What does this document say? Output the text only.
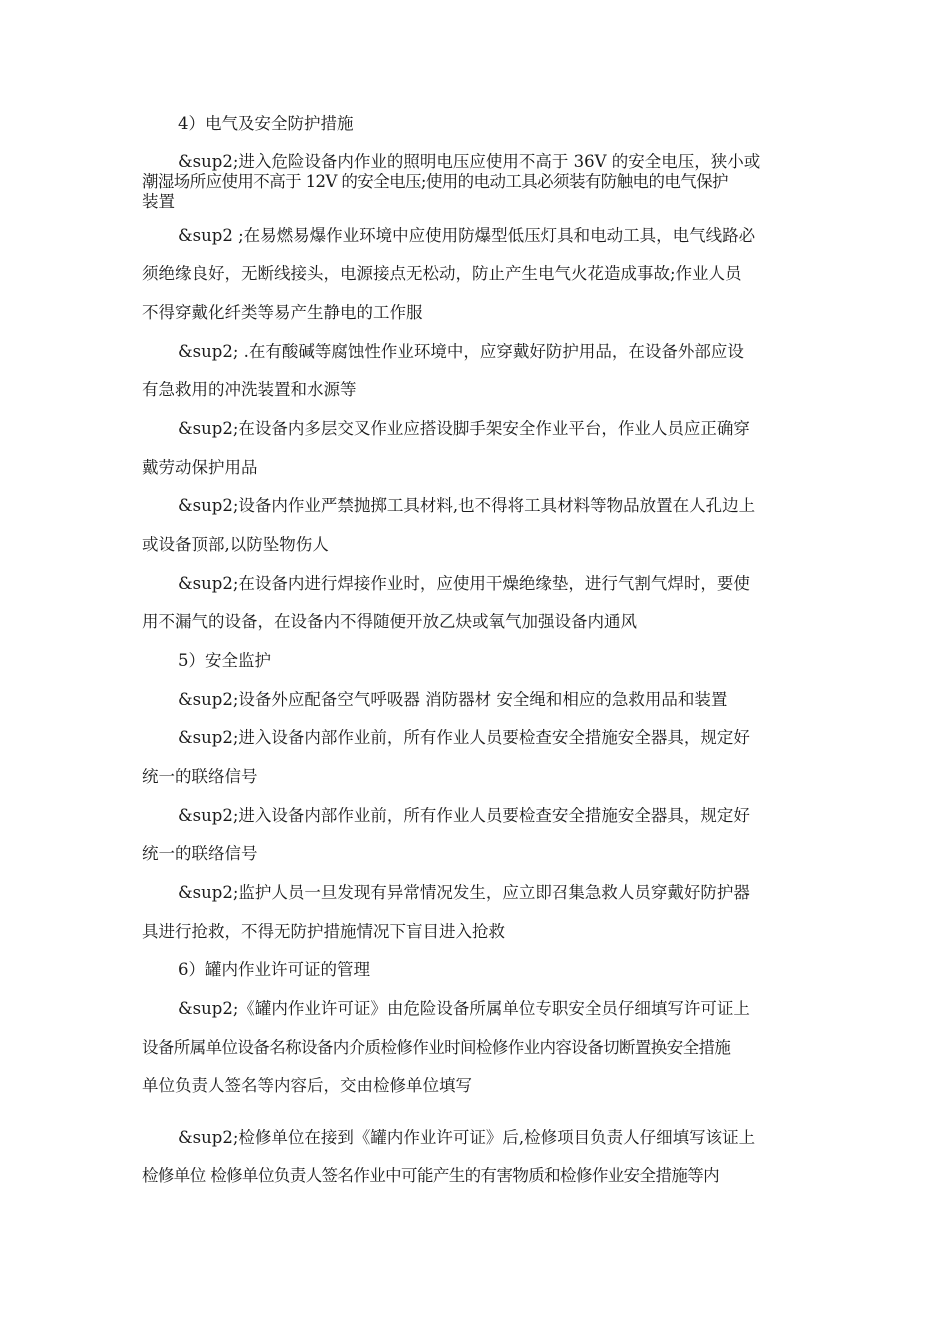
4）电气及安全防护措施
&sup2;进入危险设备内作业的照明电压应使用不高于 36V 的安全电压，狭小或
潮湿场所应使用不高于 12V 的安全电压;使用的电动工具必须装有防触电的电气保护
装置
&sup2 ;在易燃易爆作业环境中应使用防爆型低压灯具和电动工具，电气线路必
须绝缘良好，无断线接头，电源接点无松动，防止产生电气火花造成事故;作业人员
不得穿戴化纤类等易产生静电的工作服
&sup2; .在有酸碱等腐蚀性作业环境中，应穿戴好防护用品，在设备外部应设
有急救用的冲洗装置和水源等
&sup2;在设备内多层交叉作业应搭设脚手架安全作业平台，作业人员应正确穿
戴劳动保护用品
&sup2;设备内作业严禁抛掷工具材料,也不得将工具材料等物品放置在人孔边上
或设备顶部,以防坠物伤人
&sup2;在设备内进行焊接作业时，应使用干燥绝缘垫，进行气割气焊时，要使
用不漏气的设备，在设备内不得随便开放乙炔或氧气加强设备内通风
5）安全监护
&sup2;设备外应配备空气呼吸器 消防器材 安全绳和相应的急救用品和装置
&sup2;进入设备内部作业前，所有作业人员要检查安全措施安全器具，规定好
统一的联络信号
&sup2;进入设备内部作业前，所有作业人员要检查安全措施安全器具，规定好
统一的联络信号
&sup2;监护人员一旦发现有异常情况发生，应立即召集急救人员穿戴好防护器
具进行抢救，不得无防护措施情况下盲目进入抢救
6）罐内作业许可证的管理
&sup2;《罐内作业许可证》由危险设备所属单位专职安全员仔细填写许可证上
设备所属单位设备名称设备内介质检修作业时间检修作业内容设备切断置换安全措施
单位负责人签名等内容后，交由检修单位填写
&sup2;检修单位在接到《罐内作业许可证》后,检修项目负责人仔细填写该证上
检修单位 检修单位负责人签名作业中可能产生的有害物质和检修作业安全措施等内
